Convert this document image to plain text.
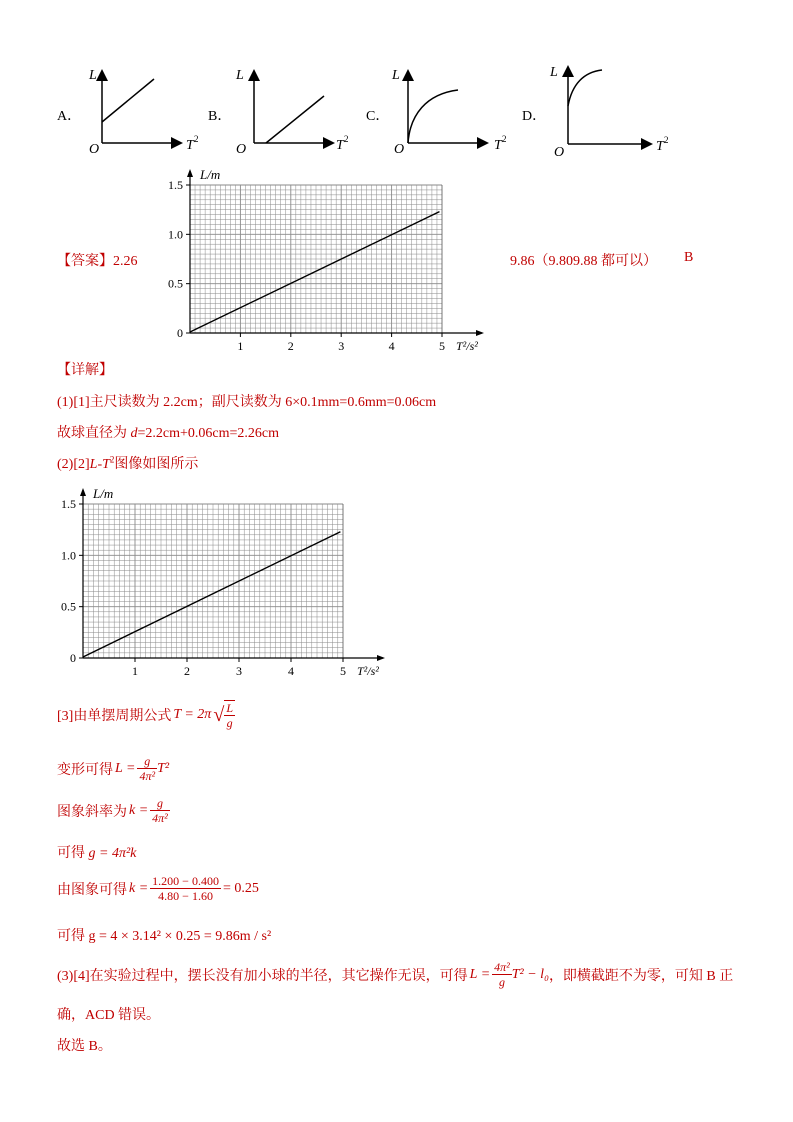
A．	B．	C．	D．
L
O	T 2
L
O	T 2
L
O	T 2
L
O	T 2
【答案】2.26	9.86（9.809.88 都可以） B
1	2	3	4	5
0
0.5
1.0
1.5
L/m
T²/s²
【详解】
(1)[1]主尺读数为 2.2cm；副尺读数为 6×0.1mm=0.6mm=0.06cm
故球直径为 d=2.2cm+0.06cm=2.26cm
$(2)[2]L-T^2$图像如图所示
1	2	3	4	5
0
0.5
1.0
1.5
L/m
T²/s²
[3]由单摆周期公式 T = 2π √ $\frac{L}{g}$
变形可得 $L = \frac{g}{\text{4π²}} T^2$
图象斜率为 $k = \frac{g}{\text{4π²}}$
可得 g = 4π²k
由图象可得 $k = \frac{1.200 - 0.400}{4.80 - 1.60} = 0.25$
可得 g = 4 × 3.14² × 0.25 = 9.86m / s²
(3)[4]在实验过程中，摆长没有加小球的半径，其它操作无误，可得 $L = \frac{\text{4π²}}{g} T^2 - l_0$ ，即横截距不为零，可知 B 正
确，ACD 错误。
故选 B。
